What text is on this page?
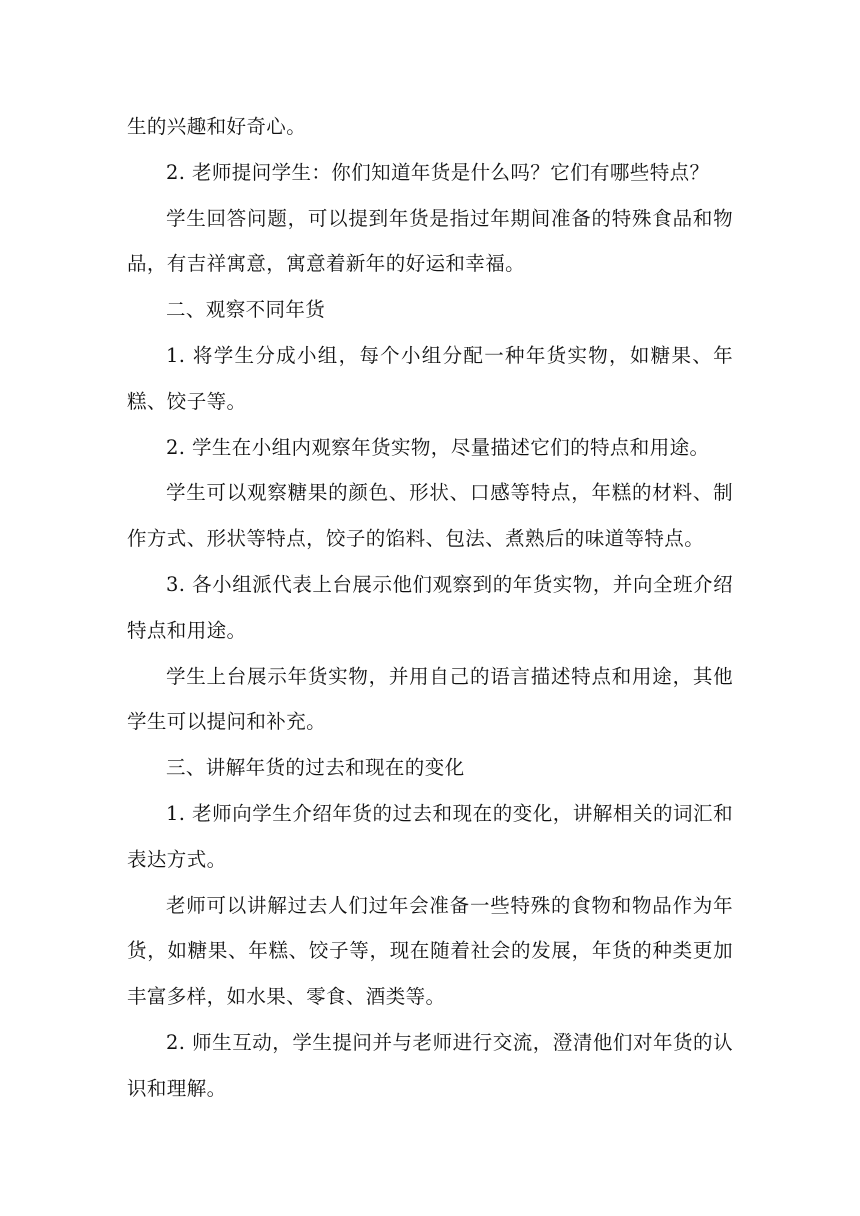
生的兴趣和好奇心。

2. 老师提问学生：你们知道年货是什么吗？它们有哪些特点？

学生回答问题，可以提到年货是指过年期间准备的特殊食品和物品，有吉祥寓意，寓意着新年的好运和幸福。

二、观察不同年货

1. 将学生分成小组，每个小组分配一种年货实物，如糖果、年糕、饺子等。

2. 学生在小组内观察年货实物，尽量描述它们的特点和用途。

学生可以观察糖果的颜色、形状、口感等特点，年糕的材料、制作方式、形状等特点，饺子的馅料、包法、煮熟后的味道等特点。

3. 各小组派代表上台展示他们观察到的年货实物，并向全班介绍特点和用途。

学生上台展示年货实物，并用自己的语言描述特点和用途，其他学生可以提问和补充。

三、讲解年货的过去和现在的变化

1. 老师向学生介绍年货的过去和现在的变化，讲解相关的词汇和表达方式。

老师可以讲解过去人们过年会准备一些特殊的食物和物品作为年货，如糖果、年糕、饺子等，现在随着社会的发展，年货的种类更加丰富多样，如水果、零食、酒类等。

2. 师生互动，学生提问并与老师进行交流，澄清他们对年货的认识和理解。
